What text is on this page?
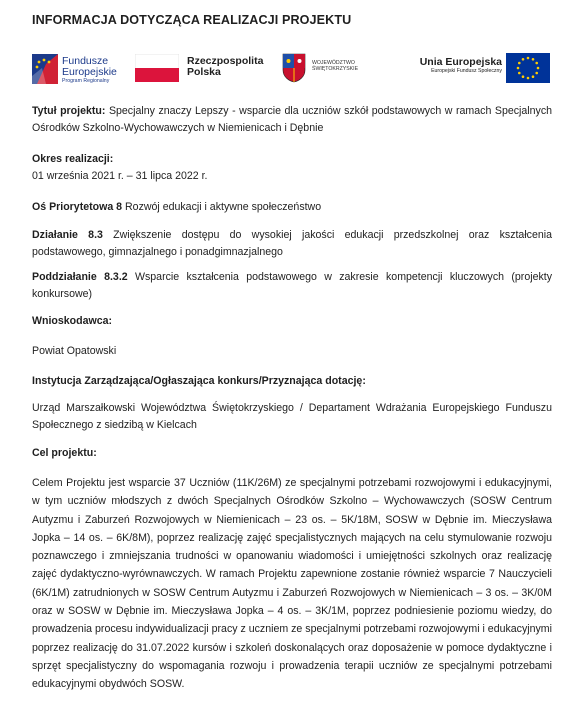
INFORMACJA DOTYCZĄCA REALIZACJI PROJEKTU
Fundusze
Europejskie
Program Regionalny
Rzeczpospolita
Polska
WOJEWÓDZTWO
ŚWIĘTOKRZYSKIE
Unia Europejska
Europejski Fundusz Społeczny
Tytuł projektu: Specjalny znaczy Lepszy - wsparcie dla uczniów szkół podstawowych w ramach Specjalnych Ośrodków Szkolno-Wychowawczych w Niemienicach i Dębnie
Okres realizacji:
01 września 2021 r. – 31 lipca 2022 r.
Oś Priorytetowa 8 Rozwój edukacji i aktywne społeczeństwo
Działanie 8.3 Zwiększenie dostępu do wysokiej jakości edukacji przedszkolnej oraz kształcenia podstawowego, gimnazjalnego i ponadgimnazjalnego
Poddziałanie 8.3.2 Wsparcie kształcenia podstawowego w zakresie kompetencji kluczowych (projekty konkursowe)
Wnioskodawca:
Powiat Opatowski
Instytucja Zarządzająca/Ogłaszająca konkurs/Przyznająca dotację:
Urząd Marszałkowski Województwa Świętokrzyskiego / Departament Wdrażania Europejskiego Funduszu Społecznego z siedzibą w Kielcach
Cel projektu:
Celem Projektu jest wsparcie 37 Uczniów (11K/26M) ze specjalnymi potrzebami rozwojowymi i edukacyjnymi, w tym uczniów młodszych z dwóch Specjalnych Ośrodków Szkolno – Wychowawczych (SOSW Centrum Autyzmu i Zaburzeń Rozwojowych w Niemienicach – 23 os. – 5K/18M, SOSW w Dębnie im. Mieczysława Jopka – 14 os. – 6K/8M), poprzez realizację zajęć specjalistycznych mających na celu stymulowanie rozwoju poznawczego i zmniejszania trudności w opanowaniu wiadomości i umiejętności szkolnych oraz realizację zajęć dydaktyczno-wyrównawczych. W ramach Projektu zapewnione zostanie również wsparcie 7 Nauczycieli (6K/1M) zatrudnionych w SOSW Centrum Autyzmu i Zaburzeń Rozwojowych w Niemienicach – 3 os. – 3K/0M oraz w SOSW w Dębnie im. Mieczysława Jopka – 4 os. – 3K/1M, poprzez podniesienie poziomu wiedzy, do prowadzenia procesu indywidualizacji pracy z uczniem ze specjalnymi potrzebami rozwojowymi i edukacyjnymi poprzez realizację do 31.07.2022 kursów i szkoleń doskonalących oraz doposażenie w pomoce dydaktyczne i sprzęt specjalistyczny do wspomagania rozwoju i prowadzenia terapii uczniów ze specjalnymi potrzebami edukacyjnymi obydwóch SOSW.
